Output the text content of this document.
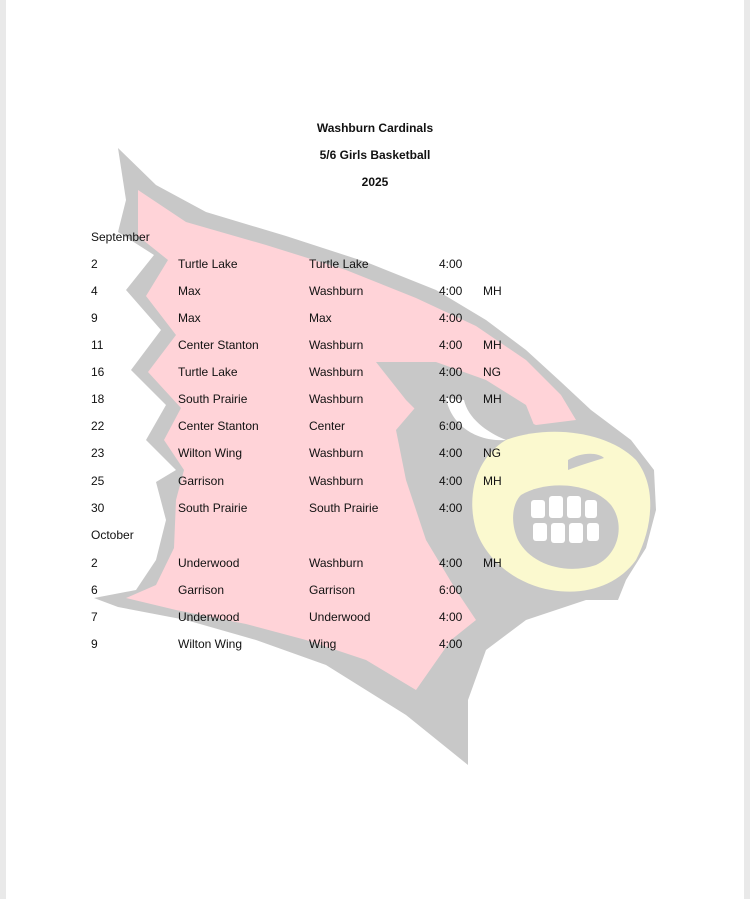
Washburn Cardinals
5/6 Girls Basketball
2025
September
2	Turtle Lake	Turtle Lake	4:00
4	Max	Washburn	4:00 MH
9	Max	Max	4:00
11	Center Stanton	Washburn	4:00 MH
16	Turtle Lake	Washburn	4:00 NG
18	South Prairie	Washburn	4:00 MH
22	Center Stanton	Center	6:00
23	Wilton Wing	Washburn	4:00 NG
25	Garrison	Washburn	4:00 MH
30	South Prairie	South Prairie	4:00
October
2	Underwood	Washburn	4:00 MH
6	Garrison	Garrison	6:00
7	Underwood	Underwood	4:00
9	Wilton Wing	Wing	4:00
